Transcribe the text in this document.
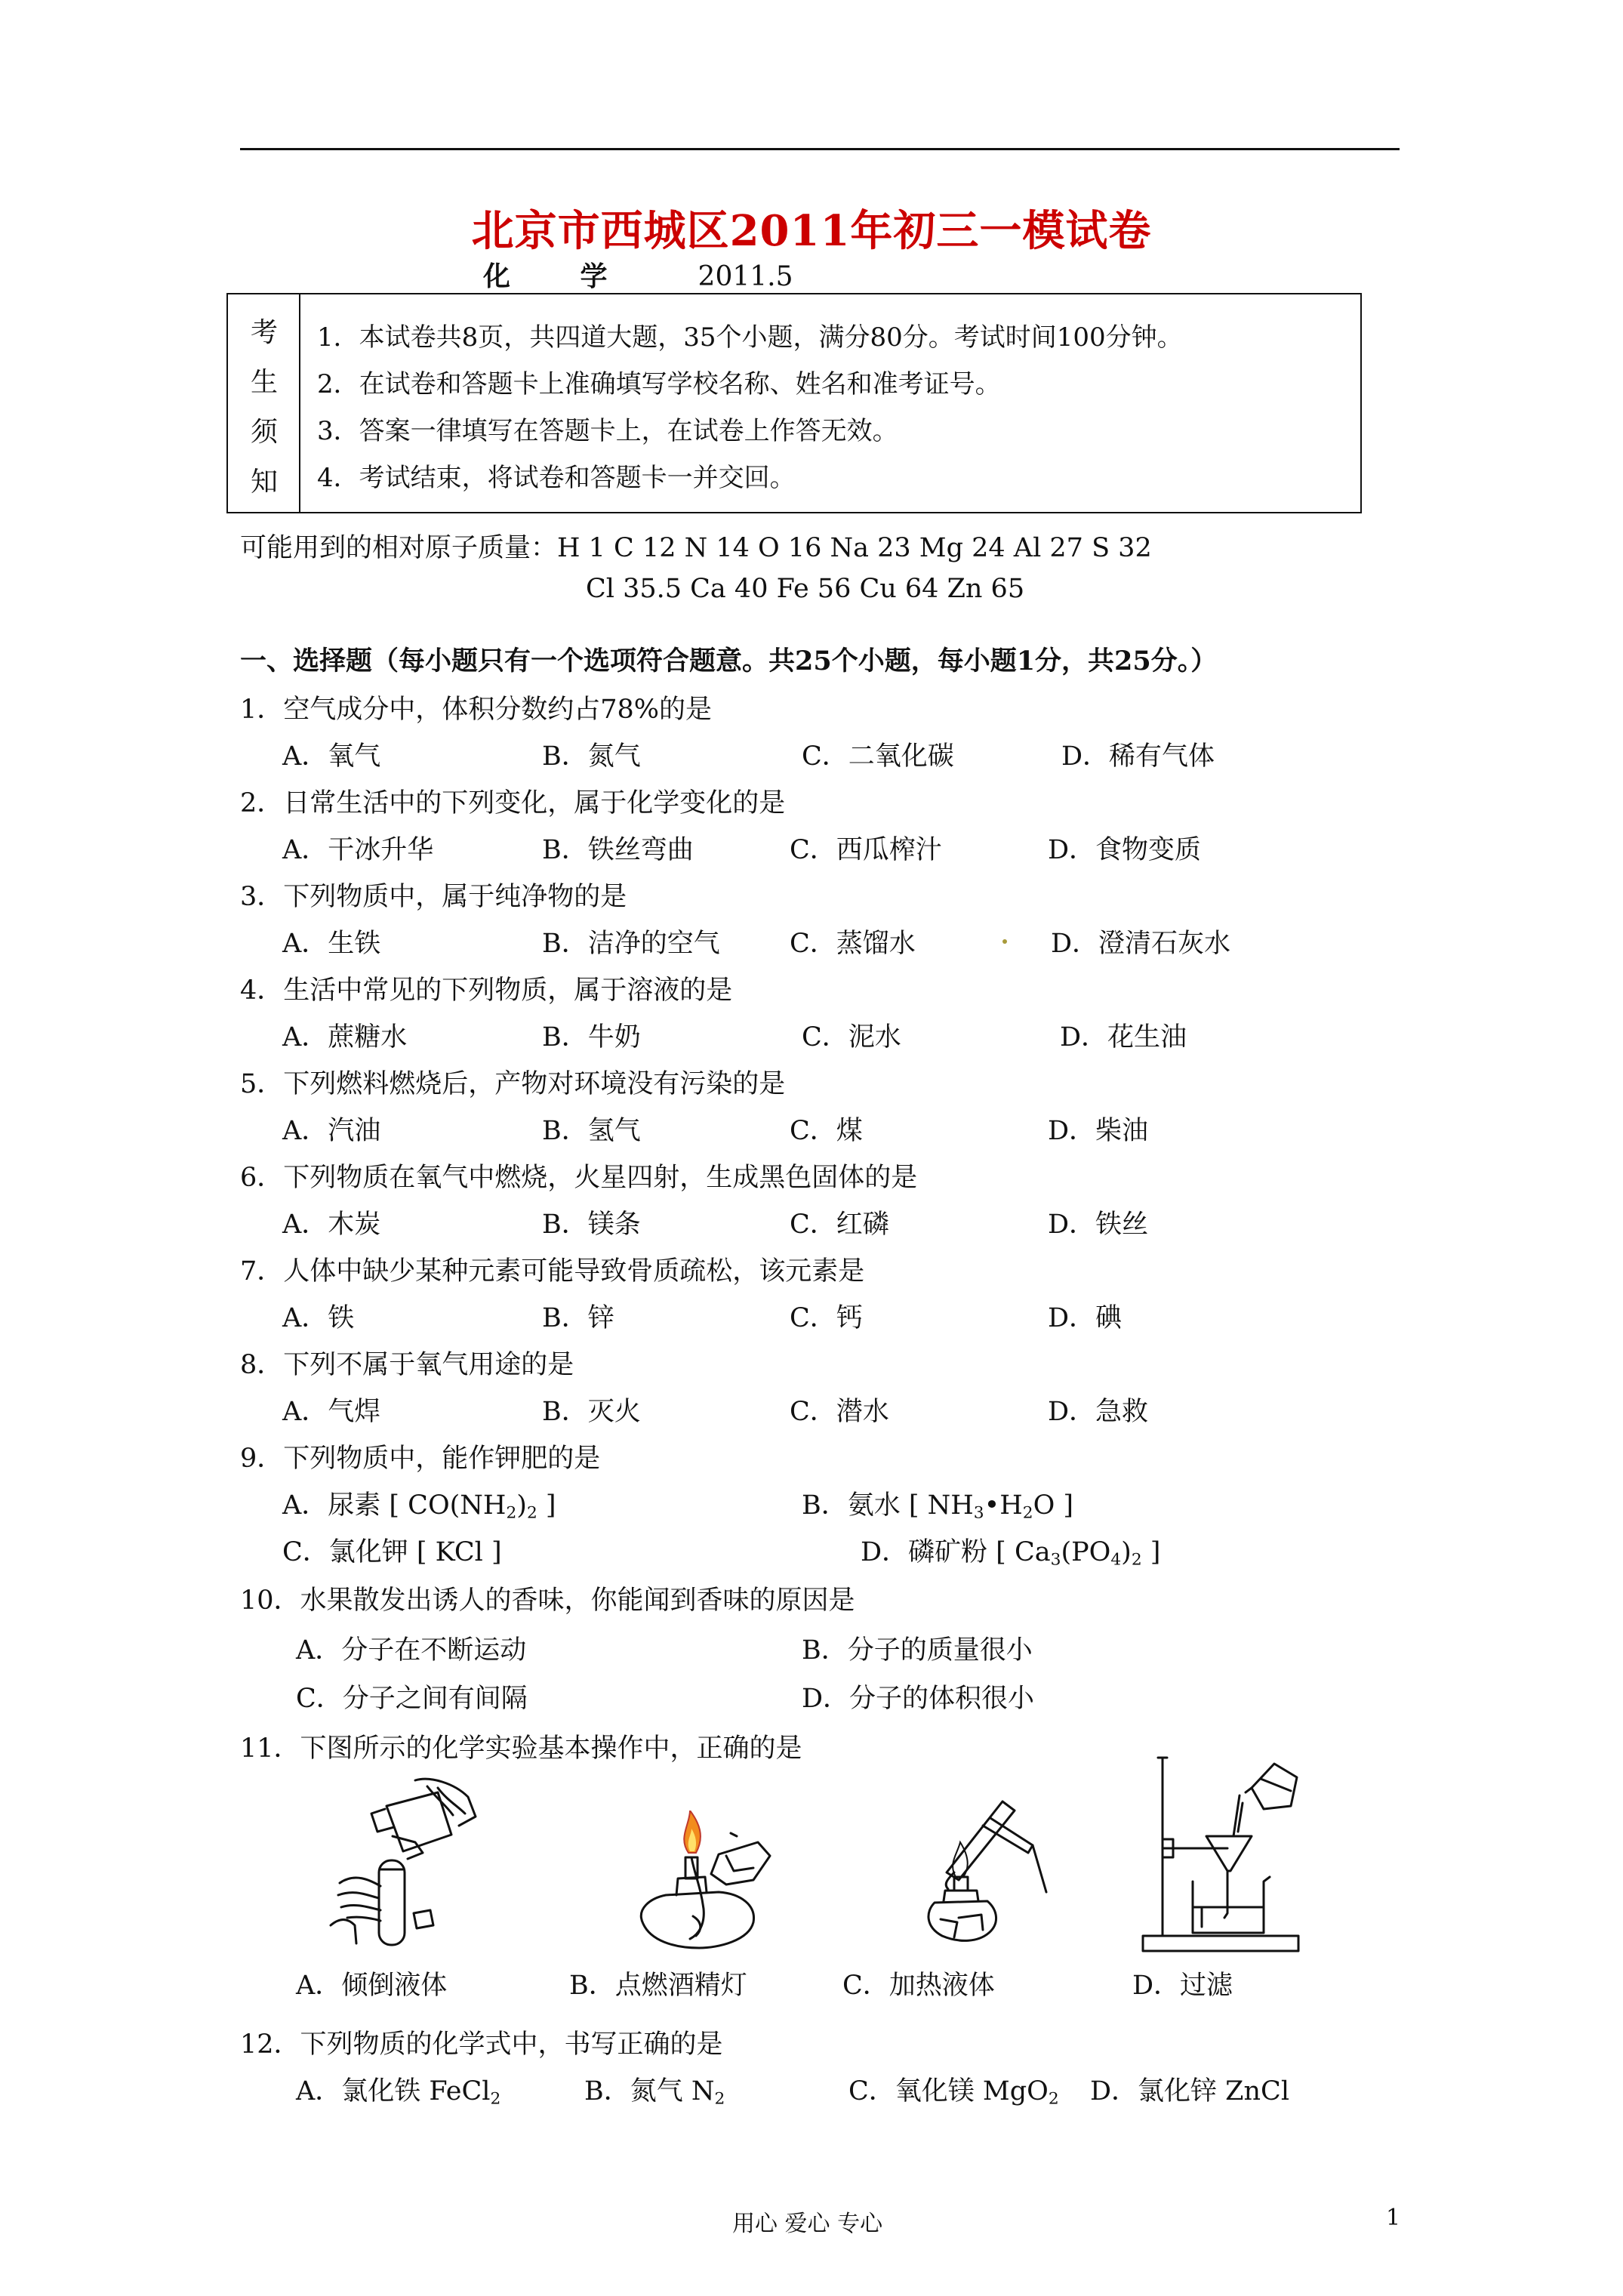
北京市西城区2011年初三一模试卷
化 学 2011.5
考
生
须
知
1．本试卷共8页，共四道大题，35个小题，满分80分。考试时间100分钟。
2．在试卷和答题卡上准确填写学校名称、姓名和准考证号。
3．答案一律填写在答题卡上，在试卷上作答无效。
4．考试结束，将试卷和答题卡一并交回。
可能用到的相对原子质量：H 1 C 12 N 14 O 16 Na 23 Mg 24 Al 27 S 32
Cl 35.5 Ca 40 Fe 56 Cu 64 Zn 65
一、选择题（每小题只有一个选项符合题意。共25个小题，每小题1分，共25分。）
1．空气成分中，体积分数约占78%的是
A．氧气	B．氮气	C．二氧化碳	D．稀有气体
2．日常生活中的下列变化，属于化学变化的是
A．干冰升华	B．铁丝弯曲	C．西瓜榨汁	D．食物变质
3．下列物质中，属于纯净物的是
A．生铁	B．洁净的空气	C．蒸馏水	D．澄清石灰水
4．生活中常见的下列物质，属于溶液的是
A．蔗糖水	B．牛奶	C．泥水	D．花生油
5．下列燃料燃烧后，产物对环境没有污染的是
A．汽油	B．氢气	C．煤	D．柴油
6．下列物质在氧气中燃烧，火星四射，生成黑色固体的是
A．木炭	B．镁条	C．红磷	D．铁丝
7．人体中缺少某种元素可能导致骨质疏松，该元素是
A．铁	B．锌	C．钙	D．碘
8．下列不属于氧气用途的是
A．气焊	B．灭火	C．潜水	D．急救
9．下列物质中，能作钾肥的是
A．尿素 [ $CO(NH_2)_2$ ]	B．氨水 [ $NH_3•H_2O$ ]
C．氯化钾 [ KCl ]	D．磷矿粉 [ $Ca_3(PO_4)_2$ ]
10．水果散发出诱人的香味，你能闻到香味的原因是
A．分子在不断运动	B．分子的质量很小
C．分子之间有间隔	D．分子的体积很小
11．下图所示的化学实验基本操作中，正确的是
A．倾倒液体	B．点燃酒精灯	C．加热液体	D．过滤
12．下列物质的化学式中，书写正确的是
A．氯化铁 FeCl$_2$	B．氮气 $N_2$	C．氧化镁 MgO$_2$ D．氯化锌 ZnCl
用心 爱心 专心	1
